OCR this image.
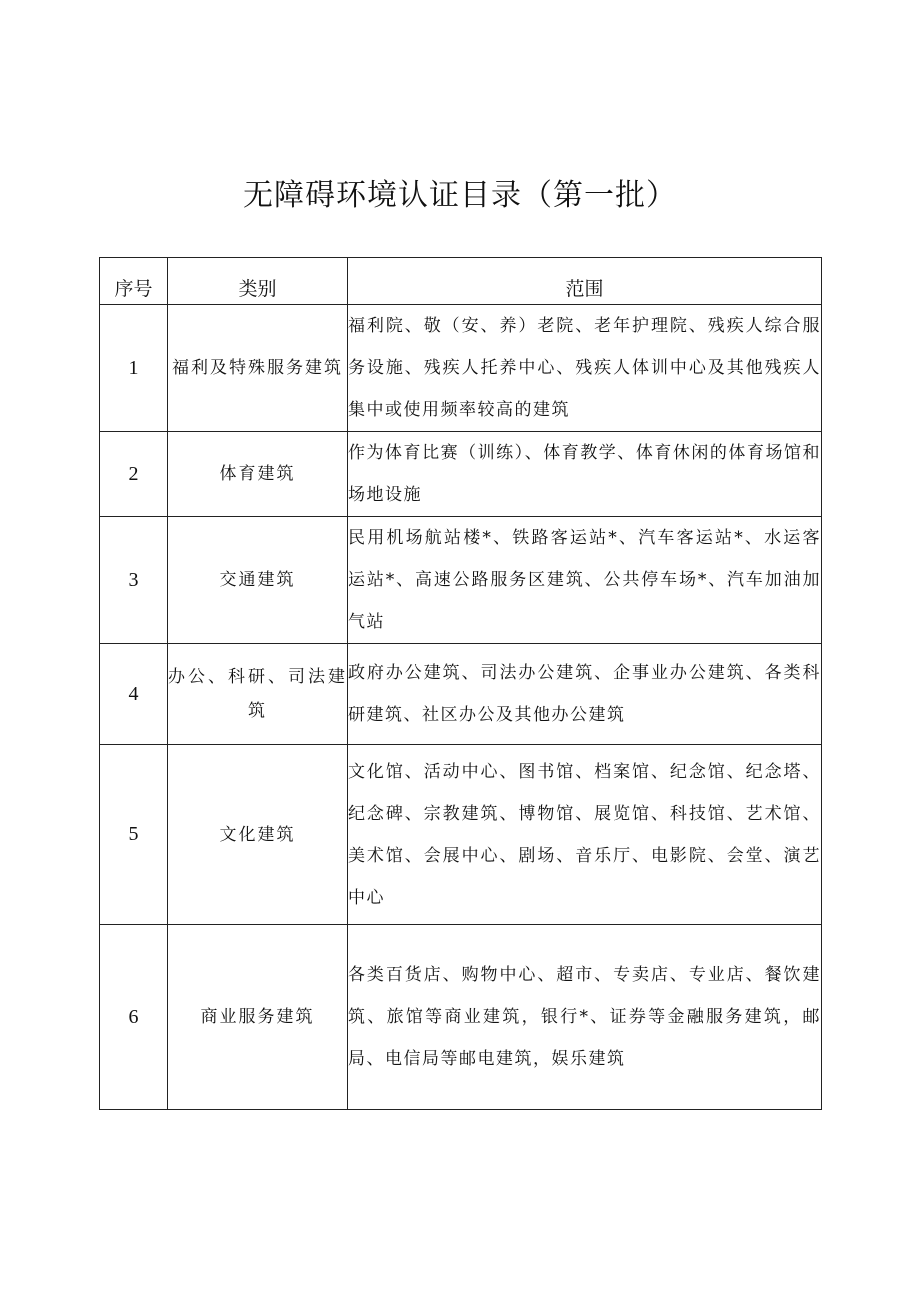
无障碍环境认证目录（第一批）
序号	类别	范围
1	福利及特殊服务建筑	福利院、敬（安、养）老院、老年护理院、残疾人综合服务设施、残疾人托养中心、残疾人体训中心及其他残疾人集中或使用频率较高的建筑
2	体育建筑	作为体育比赛（训练）、体育教学、体育休闲的体育场馆和场地设施
3	交通建筑	民用机场航站楼*、铁路客运站*、汽车客运站*、水运客运站*、高速公路服务区建筑、公共停车场*、汽车加油加气站
4	办公、科研、司法建筑	政府办公建筑、司法办公建筑、企事业办公建筑、各类科研建筑、社区办公及其他办公建筑
5	文化建筑	文化馆、活动中心、图书馆、档案馆、纪念馆、纪念塔、纪念碑、宗教建筑、博物馆、展览馆、科技馆、艺术馆、美术馆、会展中心、剧场、音乐厅、电影院、会堂、演艺中心
6	商业服务建筑	各类百货店、购物中心、超市、专卖店、专业店、餐饮建筑、旅馆等商业建筑，银行*、证券等金融服务建筑，邮局、电信局等邮电建筑，娱乐建筑
